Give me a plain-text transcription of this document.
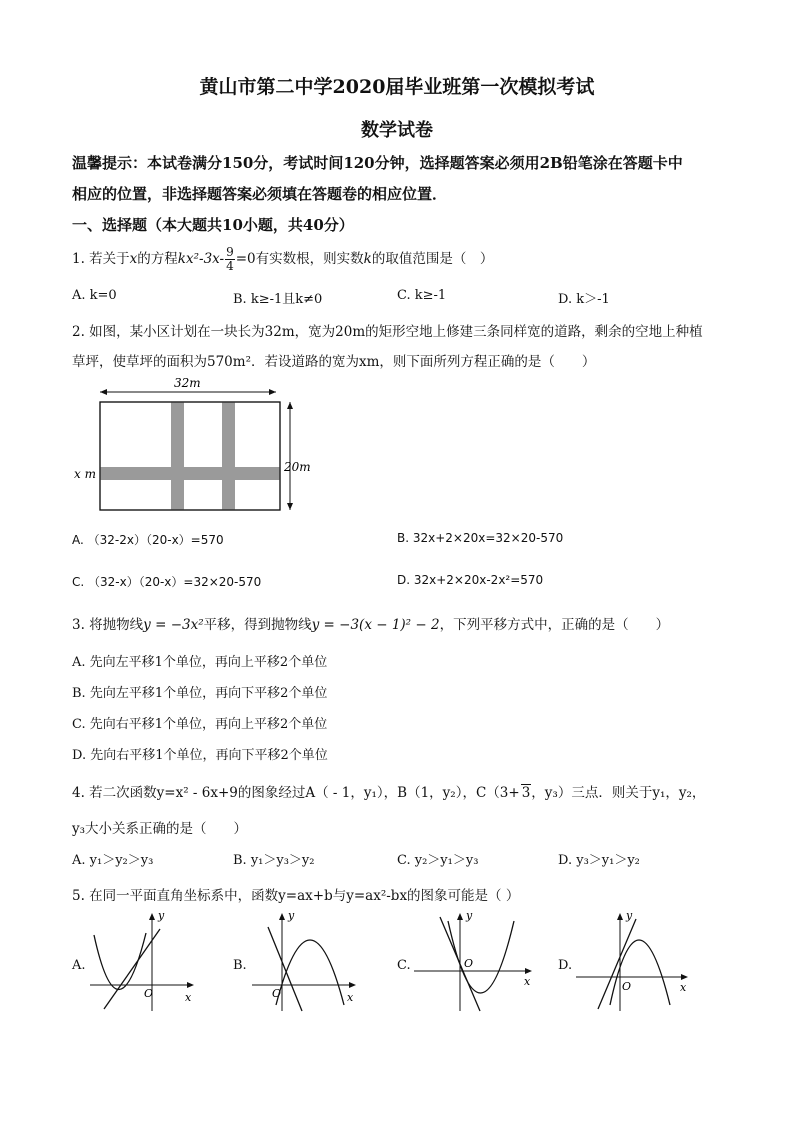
黄山市第二中学2020届毕业班第一次模拟考试
数学试卷
温馨提示：本试卷满分150分，考试时间120分钟，选择题答案必须用2B铅笔涂在答题卡中
相应的位置，非选择题答案必须填在答题卷的相应位置．
一、选择题（本大题共10小题，共40分）
1. 若关于x的方程$kx^2-3x- \frac{9}{4} =0$有实数根，则实数k的取值范围是（　）
A. k=0	B. k≥-1且k≠0	C. k≥-1	D. k＞-1
2. 如图，某小区计划在一块长为32m，宽为20m的矩形空地上修建三条同样宽的道路，剩余的空地上种植
草坪，使草坪的面积为570m²．若设道路的宽为xm，则下面所列方程正确的是（　　）
32m
20m
x m
A. （32-2x）（20-x）=570	B. 32x+2×20x=32×20-570
C. （32-x）（20-x）=32×20-570	D. 32x+2×20x-2x²=570
3. 将抛物线y = −3x²平移，得到抛物线y = −3(x − 1)² − 2，下列平移方式中，正确的是（　　）
A. 先向左平移1个单位，再向上平移2个单位
B. 先向左平移1个单位，再向下平移2个单位
C. 先向右平移1个单位，再向上平移2个单位
D. 先向右平移1个单位，再向下平移2个单位
4. 若二次函数y=x² - 6x+9的图象经过A（ - 1，y₁），B（1，y₂），C（3+ 3，y₃）三点．则关于y₁，y₂，
y₃大小关系正确的是（　　）
A. y₁＞y₂＞y₃	B. y₁＞y₃＞y₂	C. y₂＞y₁＞y₃	D. y₃＞y₁＞y₂
5. 在同一平面直角坐标系中，函数y=ax+b与y=ax²-bx的图象可能是（ ）
A.
x
y
O
B.
x
y
O
C.
x
y
O	D.
x
y
O
